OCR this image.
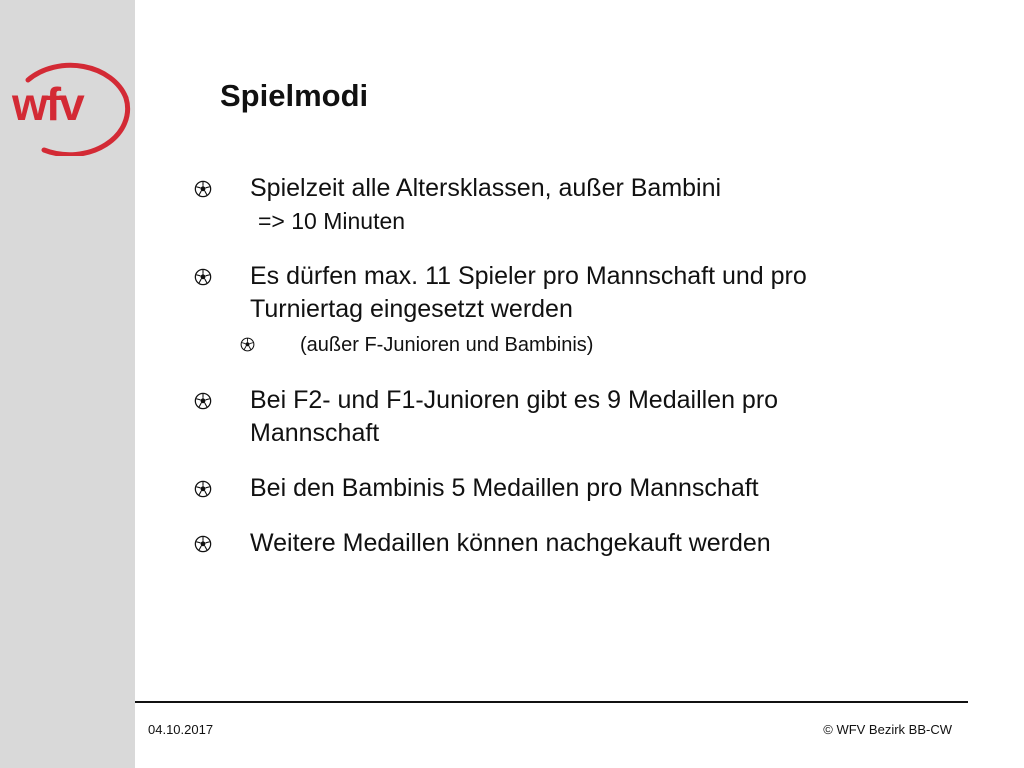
wfv	Spielmodi
Spielzeit alle Altersklassen, außer Bambini
=> 10 Minuten
Es dürfen max. 11 Spieler pro Mannschaft und pro
Turniertag eingesetzt werden
(außer F-Junioren und Bambinis)
Bei F2- und F1-Junioren gibt es 9 Medaillen pro
Mannschaft
Bei den Bambinis 5 Medaillen pro Mannschaft
Weitere Medaillen können nachgekauft werden
04.10.2017	© WFV Bezirk BB-CW
